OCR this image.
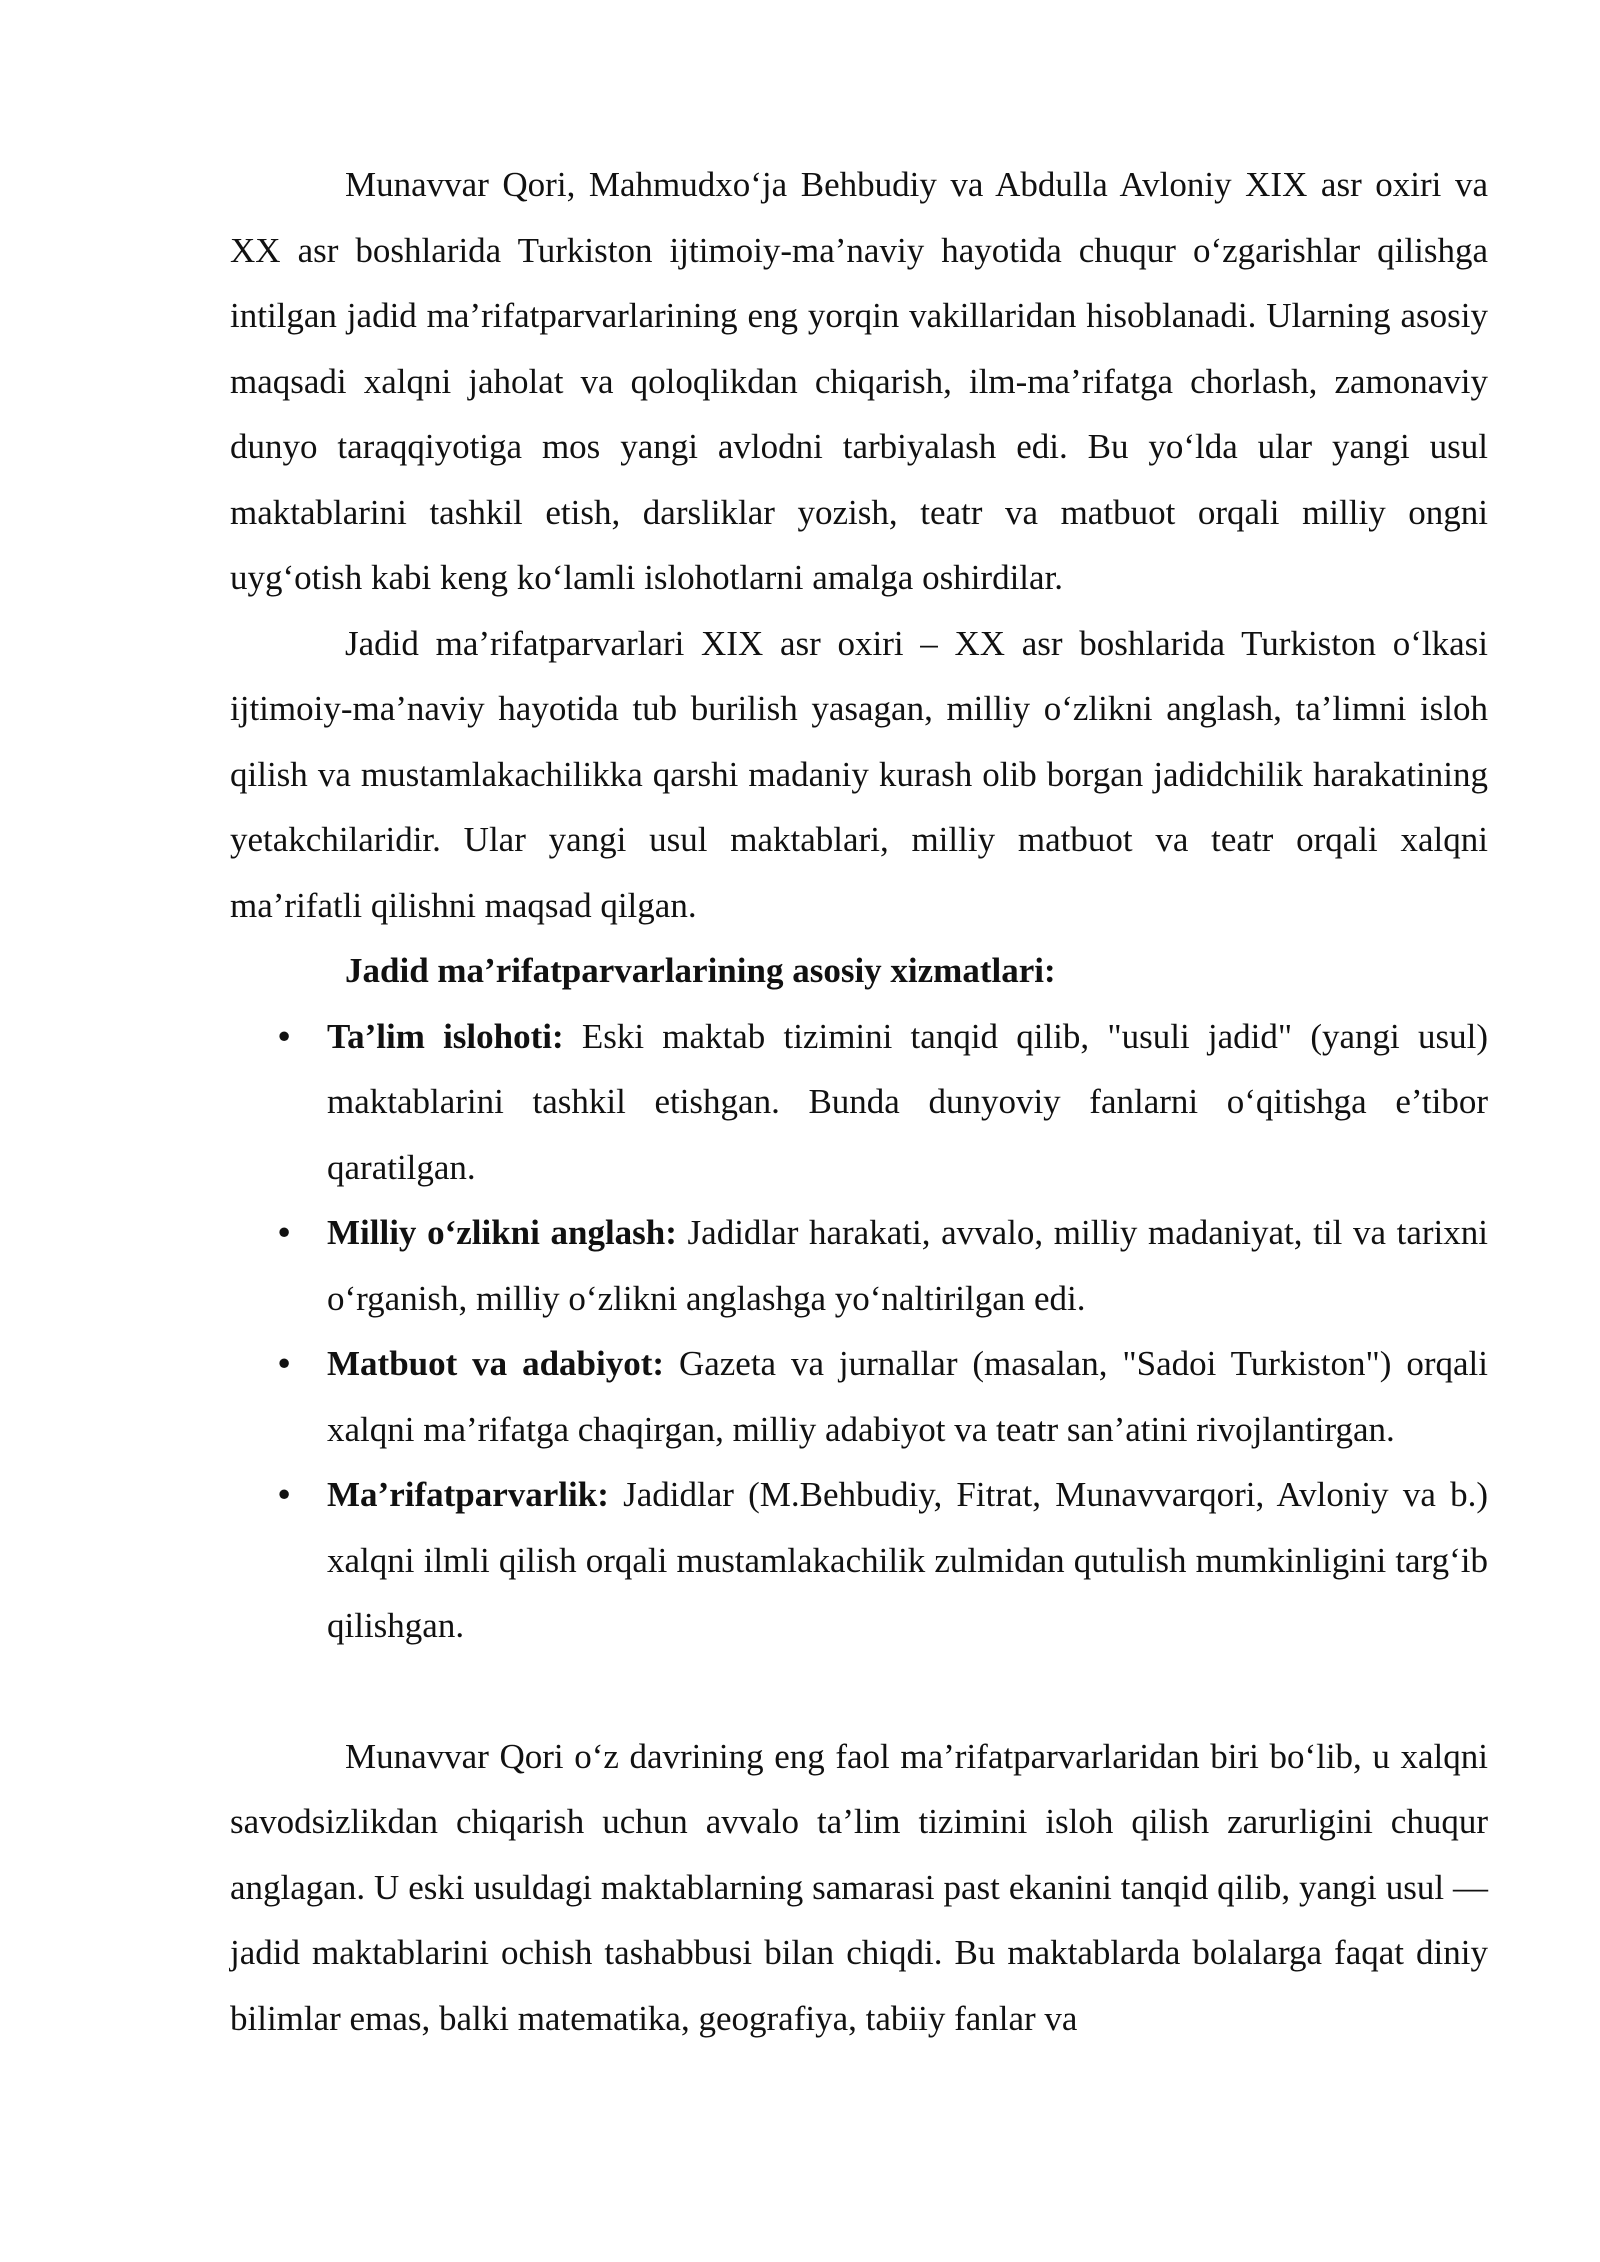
Munavvar Qori, Mahmudxo‘ja Behbudiy va Abdulla Avloniy XIX asr oxiri va XX asr boshlarida Turkiston ijtimoiy-ma’naviy hayotida chuqur o‘zgarishlar qilishga intilgan jadid ma’rifatparvarlarining eng yorqin vakillaridan hisoblanadi. Ularning asosiy maqsadi xalqni jaholat va qoloqlikdan chiqarish, ilm-ma’rifatga chorlash, zamonaviy dunyo taraqqiyotiga mos yangi avlodni tarbiyalash edi. Bu yo‘lda ular yangi usul maktablarini tashkil etish, darsliklar yozish, teatr va matbuot orqali milliy ongni uyg‘otish kabi keng ko‘lamli islohotlarni amalga oshirdilar.

Jadid ma’rifatparvarlari XIX asr oxiri – XX asr boshlarida Turkiston o‘lkasi ijtimoiy-ma’naviy hayotida tub burilish yasagan, milliy o‘zlikni anglash, ta’limni isloh qilish va mustamlakachilikka qarshi madaniy kurash olib borgan jadidchilik harakatining yetakchilaridir. Ular yangi usul maktablari, milliy matbuot va teatr orqali xalqni ma’rifatli qilishni maqsad qilgan.

Jadid ma’rifatparvarlarining asosiy xizmatlari:

• Ta’lim islohoti: Eski maktab tizimini tanqid qilib, "usuli jadid" (yangi usul) maktablarini tashkil etishgan. Bunda dunyoviy fanlarni o‘qitishga e’tibor qaratilgan.
• Milliy o‘zlikni anglash: Jadidlar harakati, avvalo, milliy madaniyat, til va tarixni o‘rganish, milliy o‘zlikni anglashga yo‘naltirilgan edi.
• Matbuot va adabiyot: Gazeta va jurnallar (masalan, "Sadoi Turkiston") orqali xalqni ma’rifatga chaqirgan, milliy adabiyot va teatr san’atini rivojlantirgan.
• Ma’rifatparvarlik: Jadidlar (M.Behbudiy, Fitrat, Munavvarqori, Avloniy va b.) xalqni ilmli qilish orqali mustamlakachilik zulmidan qutulish mumkinligini targ‘ib qilishgan.

Munavvar Qori o‘z davrining eng faol ma’rifatparvarlaridan biri bo‘lib, u xalqni savodsizlikdan chiqarish uchun avvalo ta’lim tizimini isloh qilish zarurligini chuqur anglagan. U eski usuldagi maktablarning samarasi past ekanini tanqid qilib, yangi usul — jadid maktablarini ochish tashabbusi bilan chiqdi. Bu maktablarda bolalarga faqat diniy bilimlar emas, balki matematika, geografiya, tabiiy fanlar va
